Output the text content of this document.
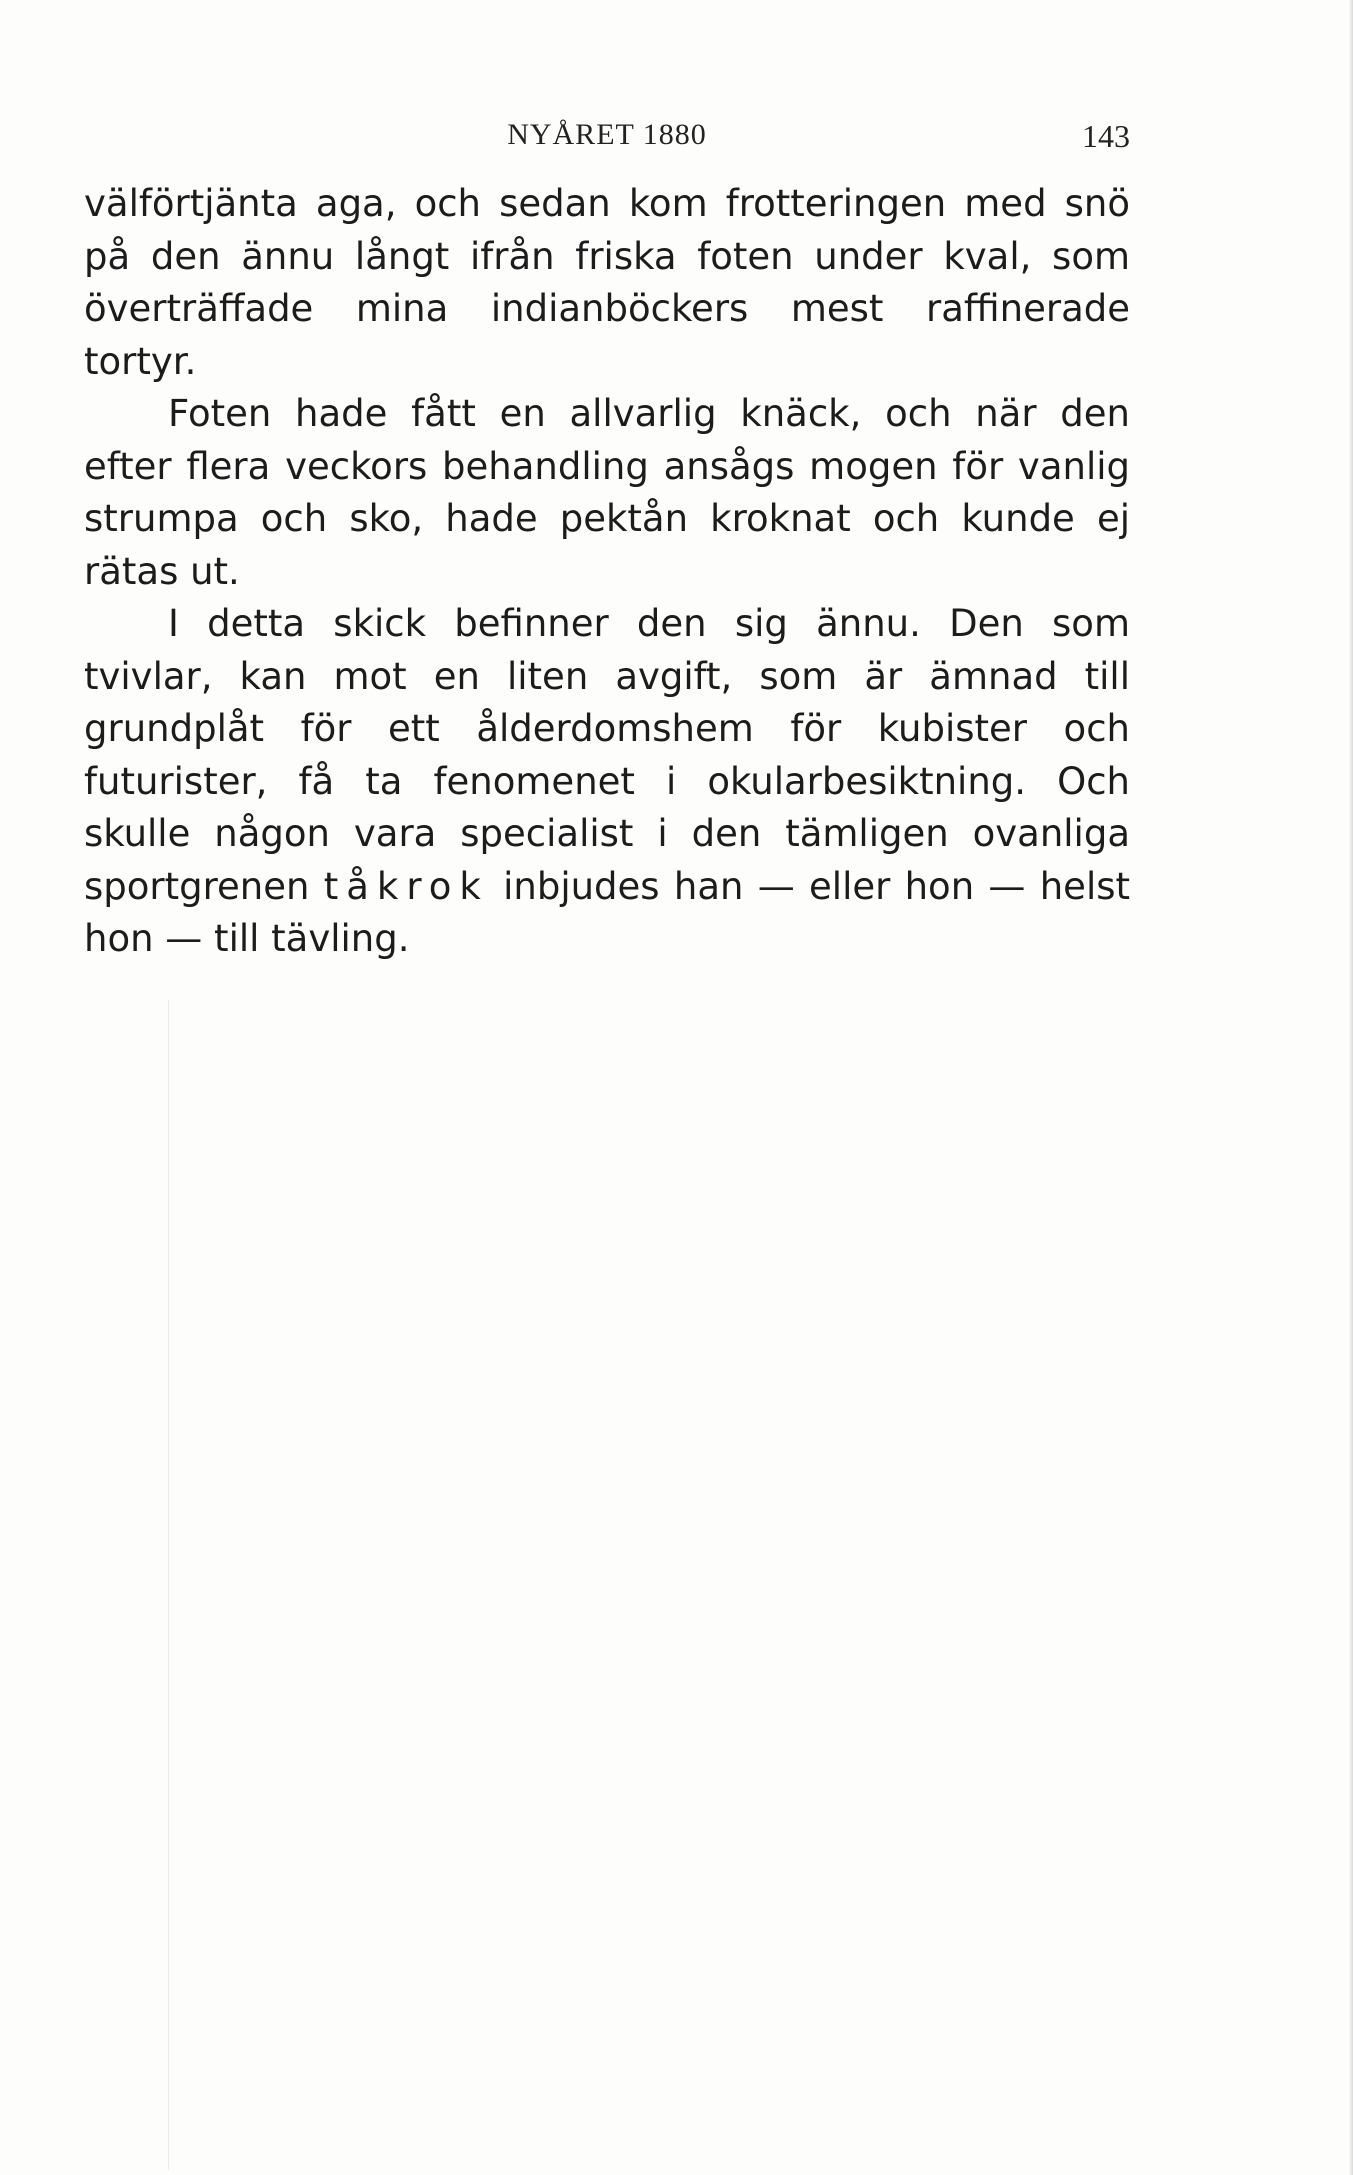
NYÅRET 1880	143

välförtjänta aga, och sedan kom frotteringen med snö på den ännu långt ifrån friska foten under kval, som överträffade mina indianböckers mest raffinerade tortyr.

Foten hade fått en allvarlig knäck, och när den efter flera veckors behandling ansågs mogen för vanlig strumpa och sko, hade pektån kroknat och kunde ej rätas ut.

I detta skick befinner den sig ännu. Den som tvivlar, kan mot en liten avgift, som är ämnad till grundplåt för ett ålderdomshem för kubister och futurister, få ta fenomenet i okularbesiktning. Och skulle någon vara specialist i den tämligen ovanliga sportgrenen tåkrok inbjudes han — eller hon — helst hon — till tävling.
